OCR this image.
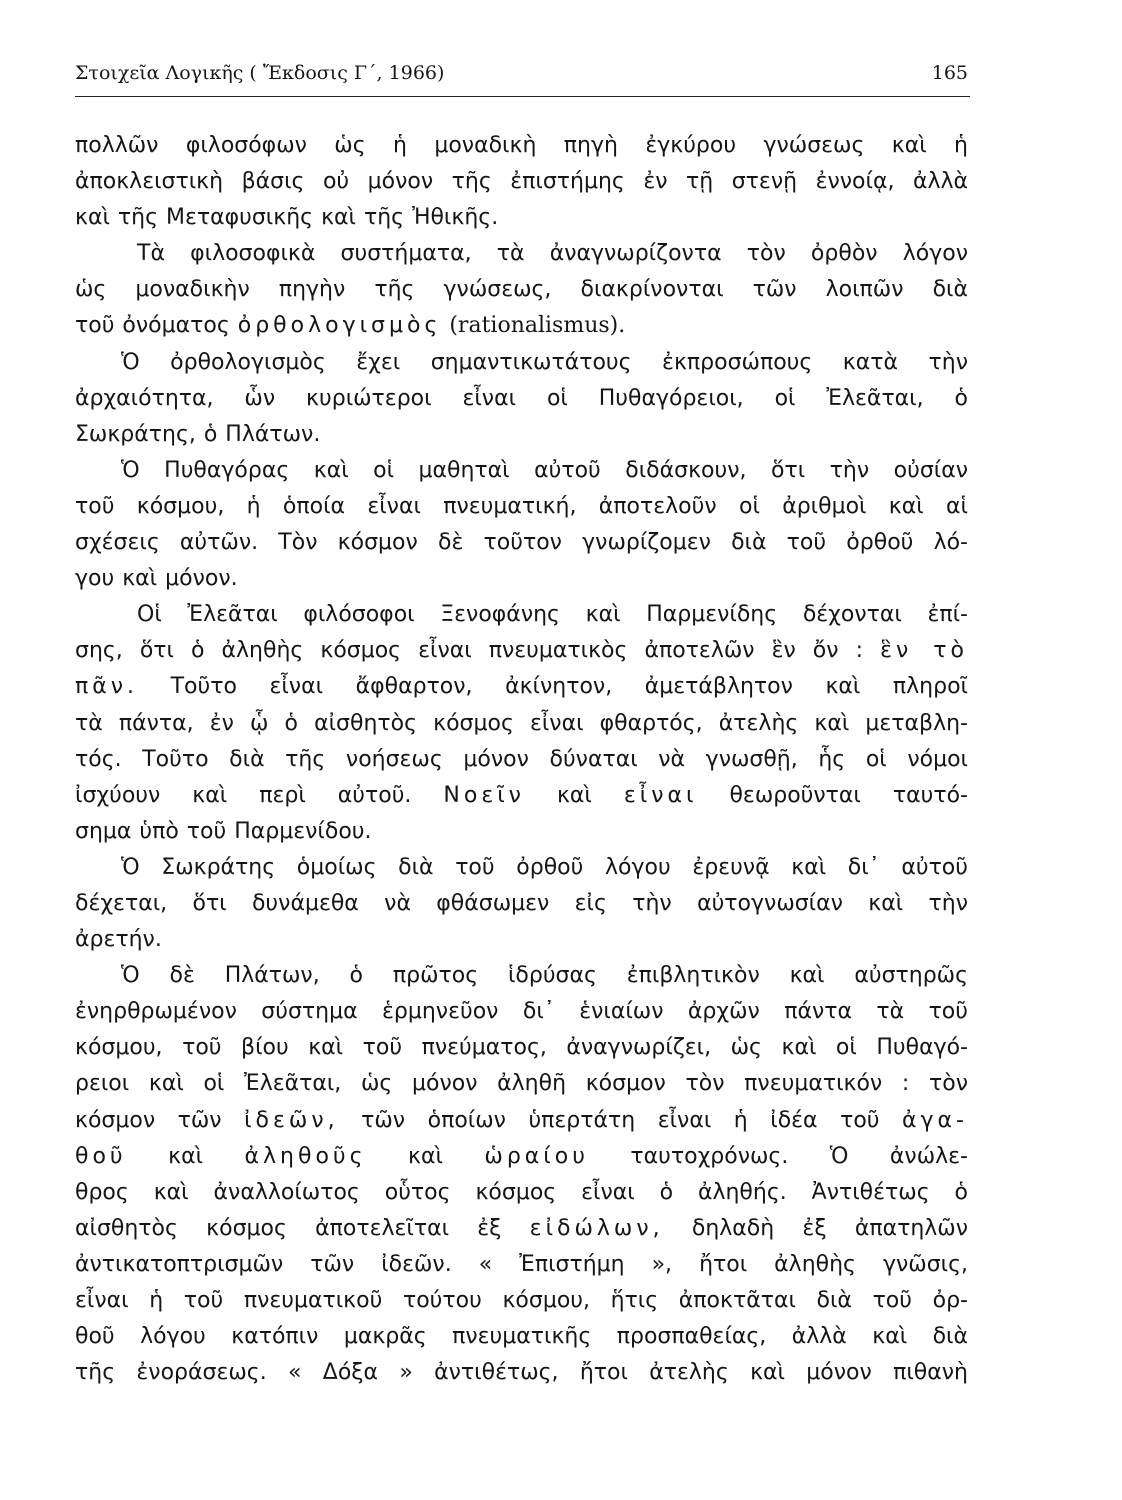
Στοιχεῖα Λογικῆς ( Ἔκδοσις Γ΄, 1966)	165
πολλῶν φιλοσόφων ὡς ἡ μοναδικὴ πηγὴ ἐγκύρου γνώσεως καὶ ἡ
ἀποκλειστικὴ βάσις οὐ μόνον τῆς ἐπιστήμης ἐν τῇ στενῇ ἐννοίᾳ, ἀλλὰ
καὶ τῆς Μεταφυσικῆς καὶ τῆς Ἠθικῆς.
Τὰ φιλοσοφικὰ συστήματα, τὰ ἀναγνωρίζοντα τὸν ὀρθὸν λόγον
ὡς μοναδικὴν πηγὴν τῆς γνώσεως, διακρίνονται τῶν λοιπῶν διὰ
τοῦ ὀνόματος ὀρθολογισμὸς (rationalismus).
Ὁ ὀρθολογισμὸς ἔχει σημαντικωτάτους ἐκπροσώπους κατὰ τὴν
ἀρχαιότητα, ὧν κυριώτεροι εἶναι οἱ Πυθαγόρειοι, οἱ Ἐλεᾶται, ὁ
Σωκράτης, ὁ Πλάτων.
Ὁ Πυθαγόρας καὶ οἱ μαθηταὶ αὐτοῦ διδάσκουν, ὅτι τὴν οὐσίαν
τοῦ κόσμου, ἡ ὁποία εἶναι πνευματική, ἀποτελοῦν οἱ ἀριθμοὶ καὶ αἱ
σχέσεις αὐτῶν. Τὸν κόσμον δὲ τοῦτον γνωρίζομεν διὰ τοῦ ὀρθοῦ λό-
γου καὶ μόνον.
Οἱ Ἐλεᾶται φιλόσοφοι Ξενοφάνης καὶ Παρμενίδης δέχονται ἐπί-
σης, ὅτι ὁ ἀληθὴς κόσμος εἶναι πνευματικὸς ἀποτελῶν ἓν ὄν : ἓν τὸ
πᾶν. Τοῦτο εἶναι ἄφθαρτον, ἀκίνητον, ἀμετάβλητον καὶ πληροῖ
τὰ πάντα, ἐν ᾧ ὁ αἰσθητὸς κόσμος εἶναι φθαρτός, ἀτελὴς καὶ μεταβλη-
τός. Τοῦτο διὰ τῆς νοήσεως μόνον δύναται νὰ γνωσθῇ, ἧς οἱ νόμοι
ἰσχύουν καὶ περὶ αὐτοῦ. Νοεῖν καὶ εἶναι θεωροῦνται ταυτό-
σημα ὑπὸ τοῦ Παρμενίδου.
Ὁ Σωκράτης ὁμοίως διὰ τοῦ ὀρθοῦ λόγου ἐρευνᾷ καὶ δι᾽ αὐτοῦ
δέχεται, ὅτι δυνάμεθα νὰ φθάσωμεν εἰς τὴν αὐτογνωσίαν καὶ τὴν
ἀρετήν.
Ὁ δὲ Πλάτων, ὁ πρῶτος ἱδρύσας ἐπιβλητικὸν καὶ αὐστηρῶς
ἐνηρθρωμένον σύστημα ἑρμηνεῦον δι᾽ ἑνιαίων ἀρχῶν πάντα τὰ τοῦ
κόσμου, τοῦ βίου καὶ τοῦ πνεύματος, ἀναγνωρίζει, ὡς καὶ οἱ Πυθαγό-
ρειοι καὶ οἱ Ἐλεᾶται, ὡς μόνον ἀληθῆ κόσμον τὸν πνευματικόν : τὸν
κόσμον τῶν ἰδεῶν, τῶν ὁποίων ὑπερτάτη εἶναι ἡ ἰδέα τοῦ ἀγα-
θοῦ καὶ ἀληθοῦς καὶ ὡραίου ταυτοχρόνως. Ὁ ἀνώλε-
θρος καὶ ἀναλλοίωτος οὗτος κόσμος εἶναι ὁ ἀληθής. Ἀντιθέτως ὁ
αἰσθητὸς κόσμος ἀποτελεῖται ἐξ εἰδώλων, δηλαδὴ ἐξ ἀπατηλῶν
ἀντικατοπτρισμῶν τῶν ἰδεῶν. « Ἐπιστήμη », ἤτοι ἀληθὴς γνῶσις,
εἶναι ἡ τοῦ πνευματικοῦ τούτου κόσμου, ἥτις ἀποκτᾶται διὰ τοῦ ὀρ-
θοῦ λόγου κατόπιν μακρᾶς πνευματικῆς προσπαθείας, ἀλλὰ καὶ διὰ
τῆς ἐνοράσεως. « Δόξα » ἀντιθέτως, ἤτοι ἀτελὴς καὶ μόνον πιθανὴ
